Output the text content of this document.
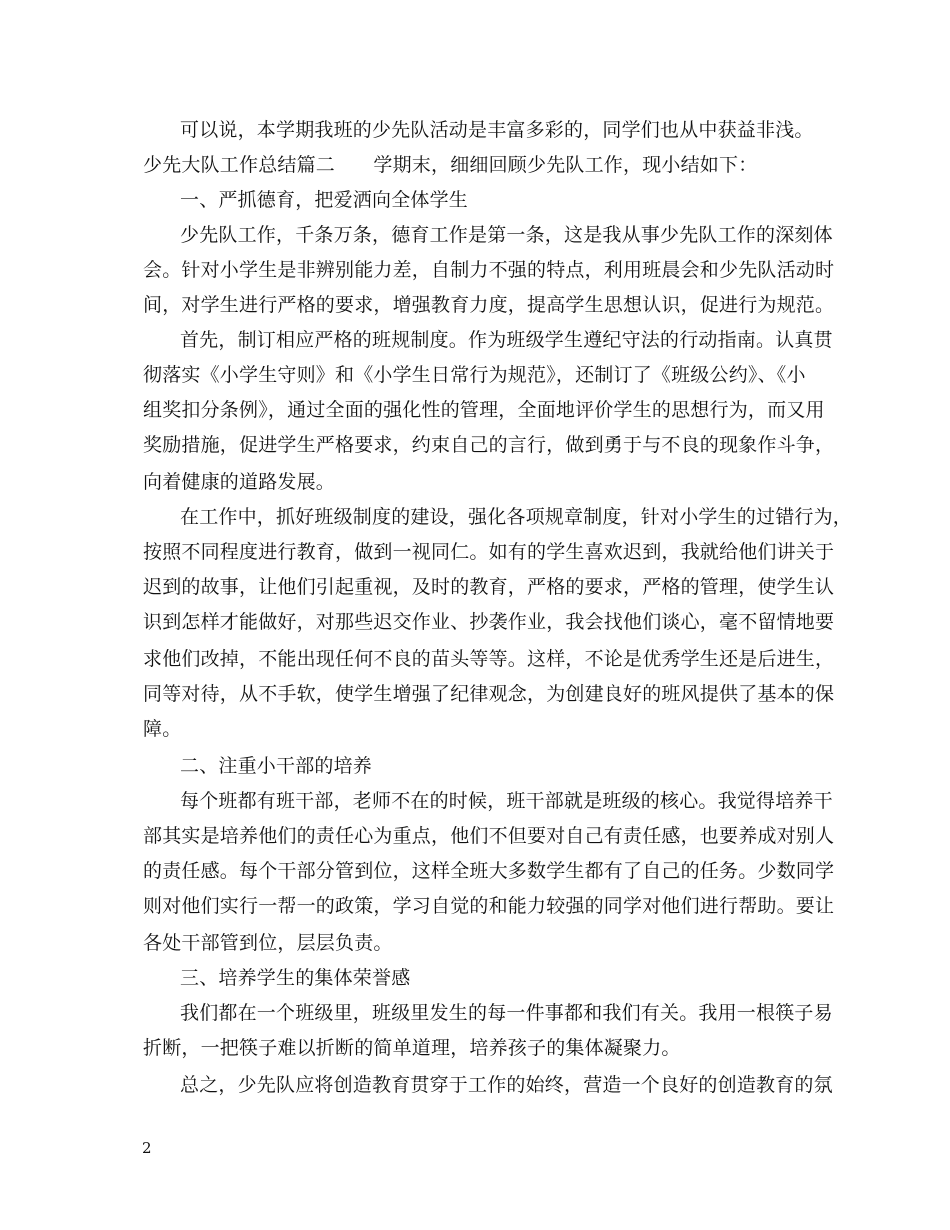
可以说，本学期我班的少先队活动是丰富多彩的，同学们也从中获益非浅。
少先大队工作总结篇二　　学期末，细细回顾少先队工作，现小结如下：
一、严抓德育，把爱洒向全体学生
少先队工作，千条万条，德育工作是第一条，这是我从事少先队工作的深刻体
会。针对小学生是非辨别能力差，自制力不强的特点，利用班晨会和少先队活动时
间，对学生进行严格的要求，增强教育力度，提高学生思想认识，促进行为规范。
首先，制订相应严格的班规制度。作为班级学生遵纪守法的行动指南。认真贯
彻落实《小学生守则》和《小学生日常行为规范》，还制订了《班级公约》、《小
组奖扣分条例》，通过全面的强化性的管理，全面地评价学生的思想行为，而又用
奖励措施，促进学生严格要求，约束自己的言行，做到勇于与不良的现象作斗争，
向着健康的道路发展。
在工作中，抓好班级制度的建设，强化各项规章制度，针对小学生的过错行为，
按照不同程度进行教育，做到一视同仁。如有的学生喜欢迟到，我就给他们讲关于
迟到的故事，让他们引起重视，及时的教育，严格的要求，严格的管理，使学生认
识到怎样才能做好，对那些迟交作业、抄袭作业，我会找他们谈心，毫不留情地要
求他们改掉，不能出现任何不良的苗头等等。这样，不论是优秀学生还是后进生，
同等对待，从不手软，使学生增强了纪律观念，为创建良好的班风提供了基本的保
障。
二、注重小干部的培养
每个班都有班干部，老师不在的时候，班干部就是班级的核心。我觉得培养干
部其实是培养他们的责任心为重点，他们不但要对自己有责任感，也要养成对别人
的责任感。每个干部分管到位，这样全班大多数学生都有了自己的任务。少数同学
则对他们实行一帮一的政策，学习自觉的和能力较强的同学对他们进行帮助。要让
各处干部管到位，层层负责。
三、培养学生的集体荣誉感
我们都在一个班级里，班级里发生的每一件事都和我们有关。我用一根筷子易
折断，一把筷子难以折断的简单道理，培养孩子的集体凝聚力。
总之，少先队应将创造教育贯穿于工作的始终，营造一个良好的创造教育的氛
2
